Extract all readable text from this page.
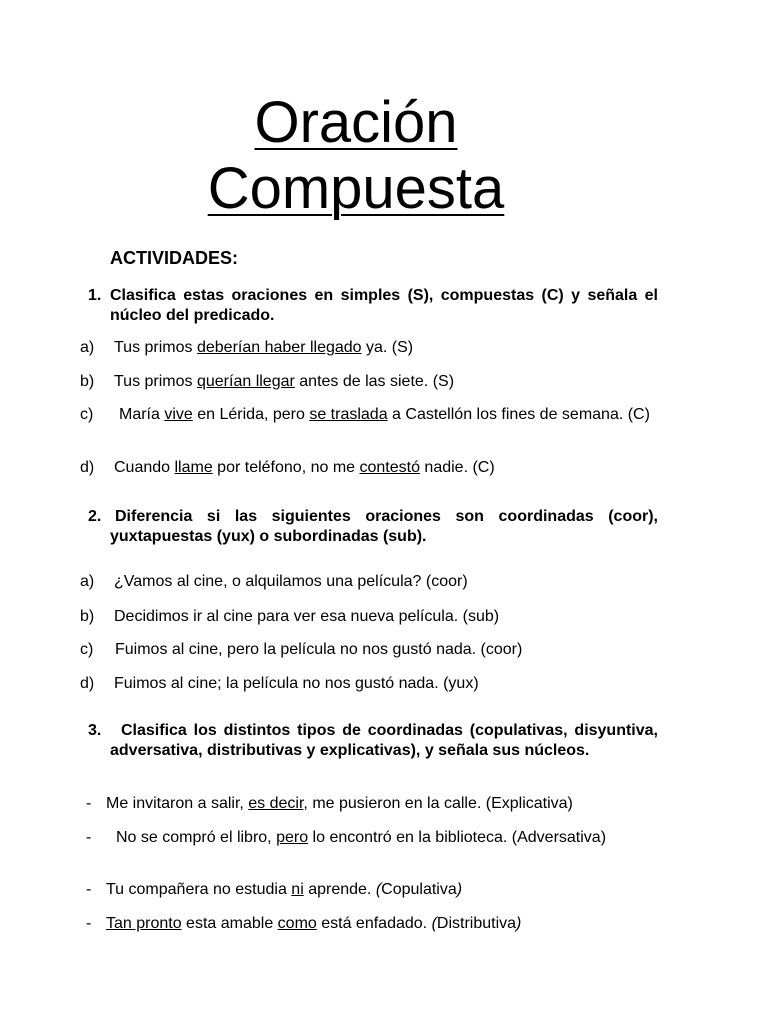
Oración
Compuesta
ACTIVIDADES:
1. Clasifica estas oraciones en simples (S), compuestas (C) y señala el núcleo del predicado.
a) Tus primos deberían haber llegado ya. (S)
b) Tus primos querían llegar antes de las siete. (S)
c)	María vive en Lérida, pero se traslada a Castellón los fines de semana. (C)
d) Cuando llame por teléfono, no me contestó nadie. (C)
2. Diferencia si las siguientes oraciones son coordinadas (coor), yuxtapuestas (yux) o subordinadas (sub).
a) ¿Vamos al cine, o alquilamos una película? (coor)
b) Decidimos ir al cine para ver esa nueva película. (sub)
c) Fuimos al cine, pero la película no nos gustó nada. (coor)
d) Fuimos al cine; la película no nos gustó nada. (yux)
3.	Clasifica los distintos tipos de coordinadas (copulativas, disyuntiva, adversativa, distributivas y explicativas), y señala sus núcleos.
- Me invitaron a salir, es decir, me pusieron en la calle. (Explicativa)
-	No se compró el libro, pero lo encontró en la biblioteca. (Adversativa)
- Tu compañera no estudia ni aprende. (Copulativa)
- Tan pronto esta amable como está enfadado. (Distributiva)
